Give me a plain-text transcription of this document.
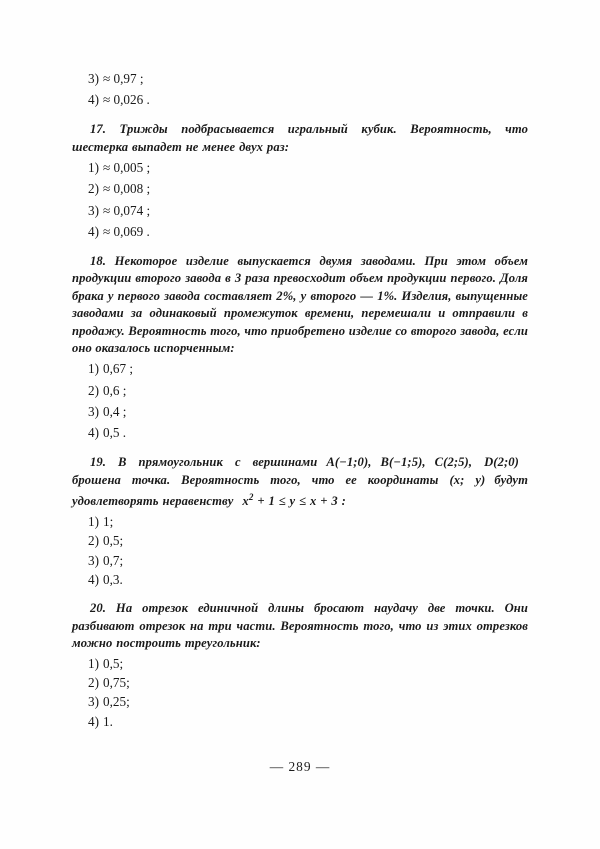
3) ≈ 0,97 ;
4) ≈ 0,026 .

17. Трижды подбрасывается игральный кубик. Вероятность, что шестерка выпадет не менее двух раз:

1) ≈ 0,005 ;
2) ≈ 0,008 ;
3) ≈ 0,074 ;
4) ≈ 0,069 .

18. Некоторое изделие выпускается двумя заводами. При этом объем продукции второго завода в 3 раза превосходит объем продукции первого. Доля брака у первого завода составляет 2%, у второго — 1%. Изделия, выпущенные заводами за одинаковый промежуток времени, перемешали и отправили в продажу. Вероятность того, что приобретено изделие со второго завода, если оно оказалось испорченным:

1) 0,67 ;
2) 0,6 ;
3) 0,4 ;
4) 0,5 .

19. В прямоугольник с вершинами A(−1;0), B(−1;5), C(2;5), D(2;0)брошена точка. Вероятность того, что ее координаты (x; y) будут удовлетворять неравенству $x^2 + 1 \le y \le x + 3$ :

1) 1;
2) 0,5;
3) 0,7;
4) 0,3.

20. На отрезок единичной длины бросают наудачу две точки. Они разбивают отрезок на три части. Вероятность того, что из этих отрезков можно построить треугольник:

1) 0,5;
2) 0,75;
3) 0,25;
4) 1.
— 289 —
